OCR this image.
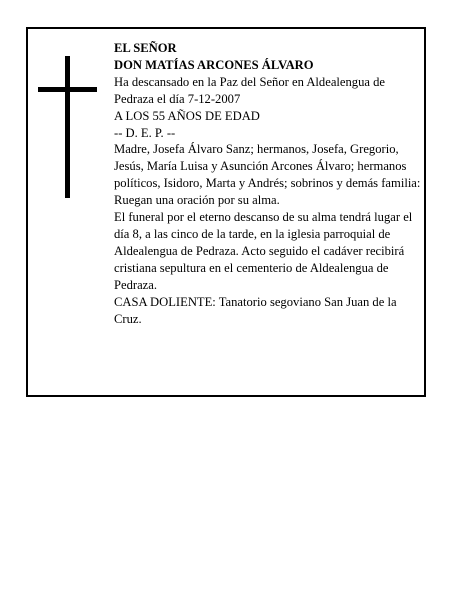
EL SEÑOR

DON MATÍAS ARCONES ÁLVARO

Ha descansado en la Paz del Señor en Aldealengua de Pedraza el día 7-12-2007

A LOS 55 AÑOS DE EDAD

-- D. E. P. --

Madre, Josefa Álvaro Sanz; hermanos, Josefa, Gregorio, Jesús, María Luisa y Asunción Arcones Álvaro; hermanos políticos, Isidoro, Marta y Andrés; sobrinos y demás familia:

Ruegan una oración por su alma.

El funeral por el eterno descanso de su alma tendrá lugar el día 8, a las cinco de la tarde, en la iglesia parroquial de Aldealengua de Pedraza. Acto seguido el cadáver recibirá cristiana sepultura en el cementerio de Aldealengua de Pedraza.

CASA DOLIENTE: Tanatorio segoviano San Juan de la Cruz.
